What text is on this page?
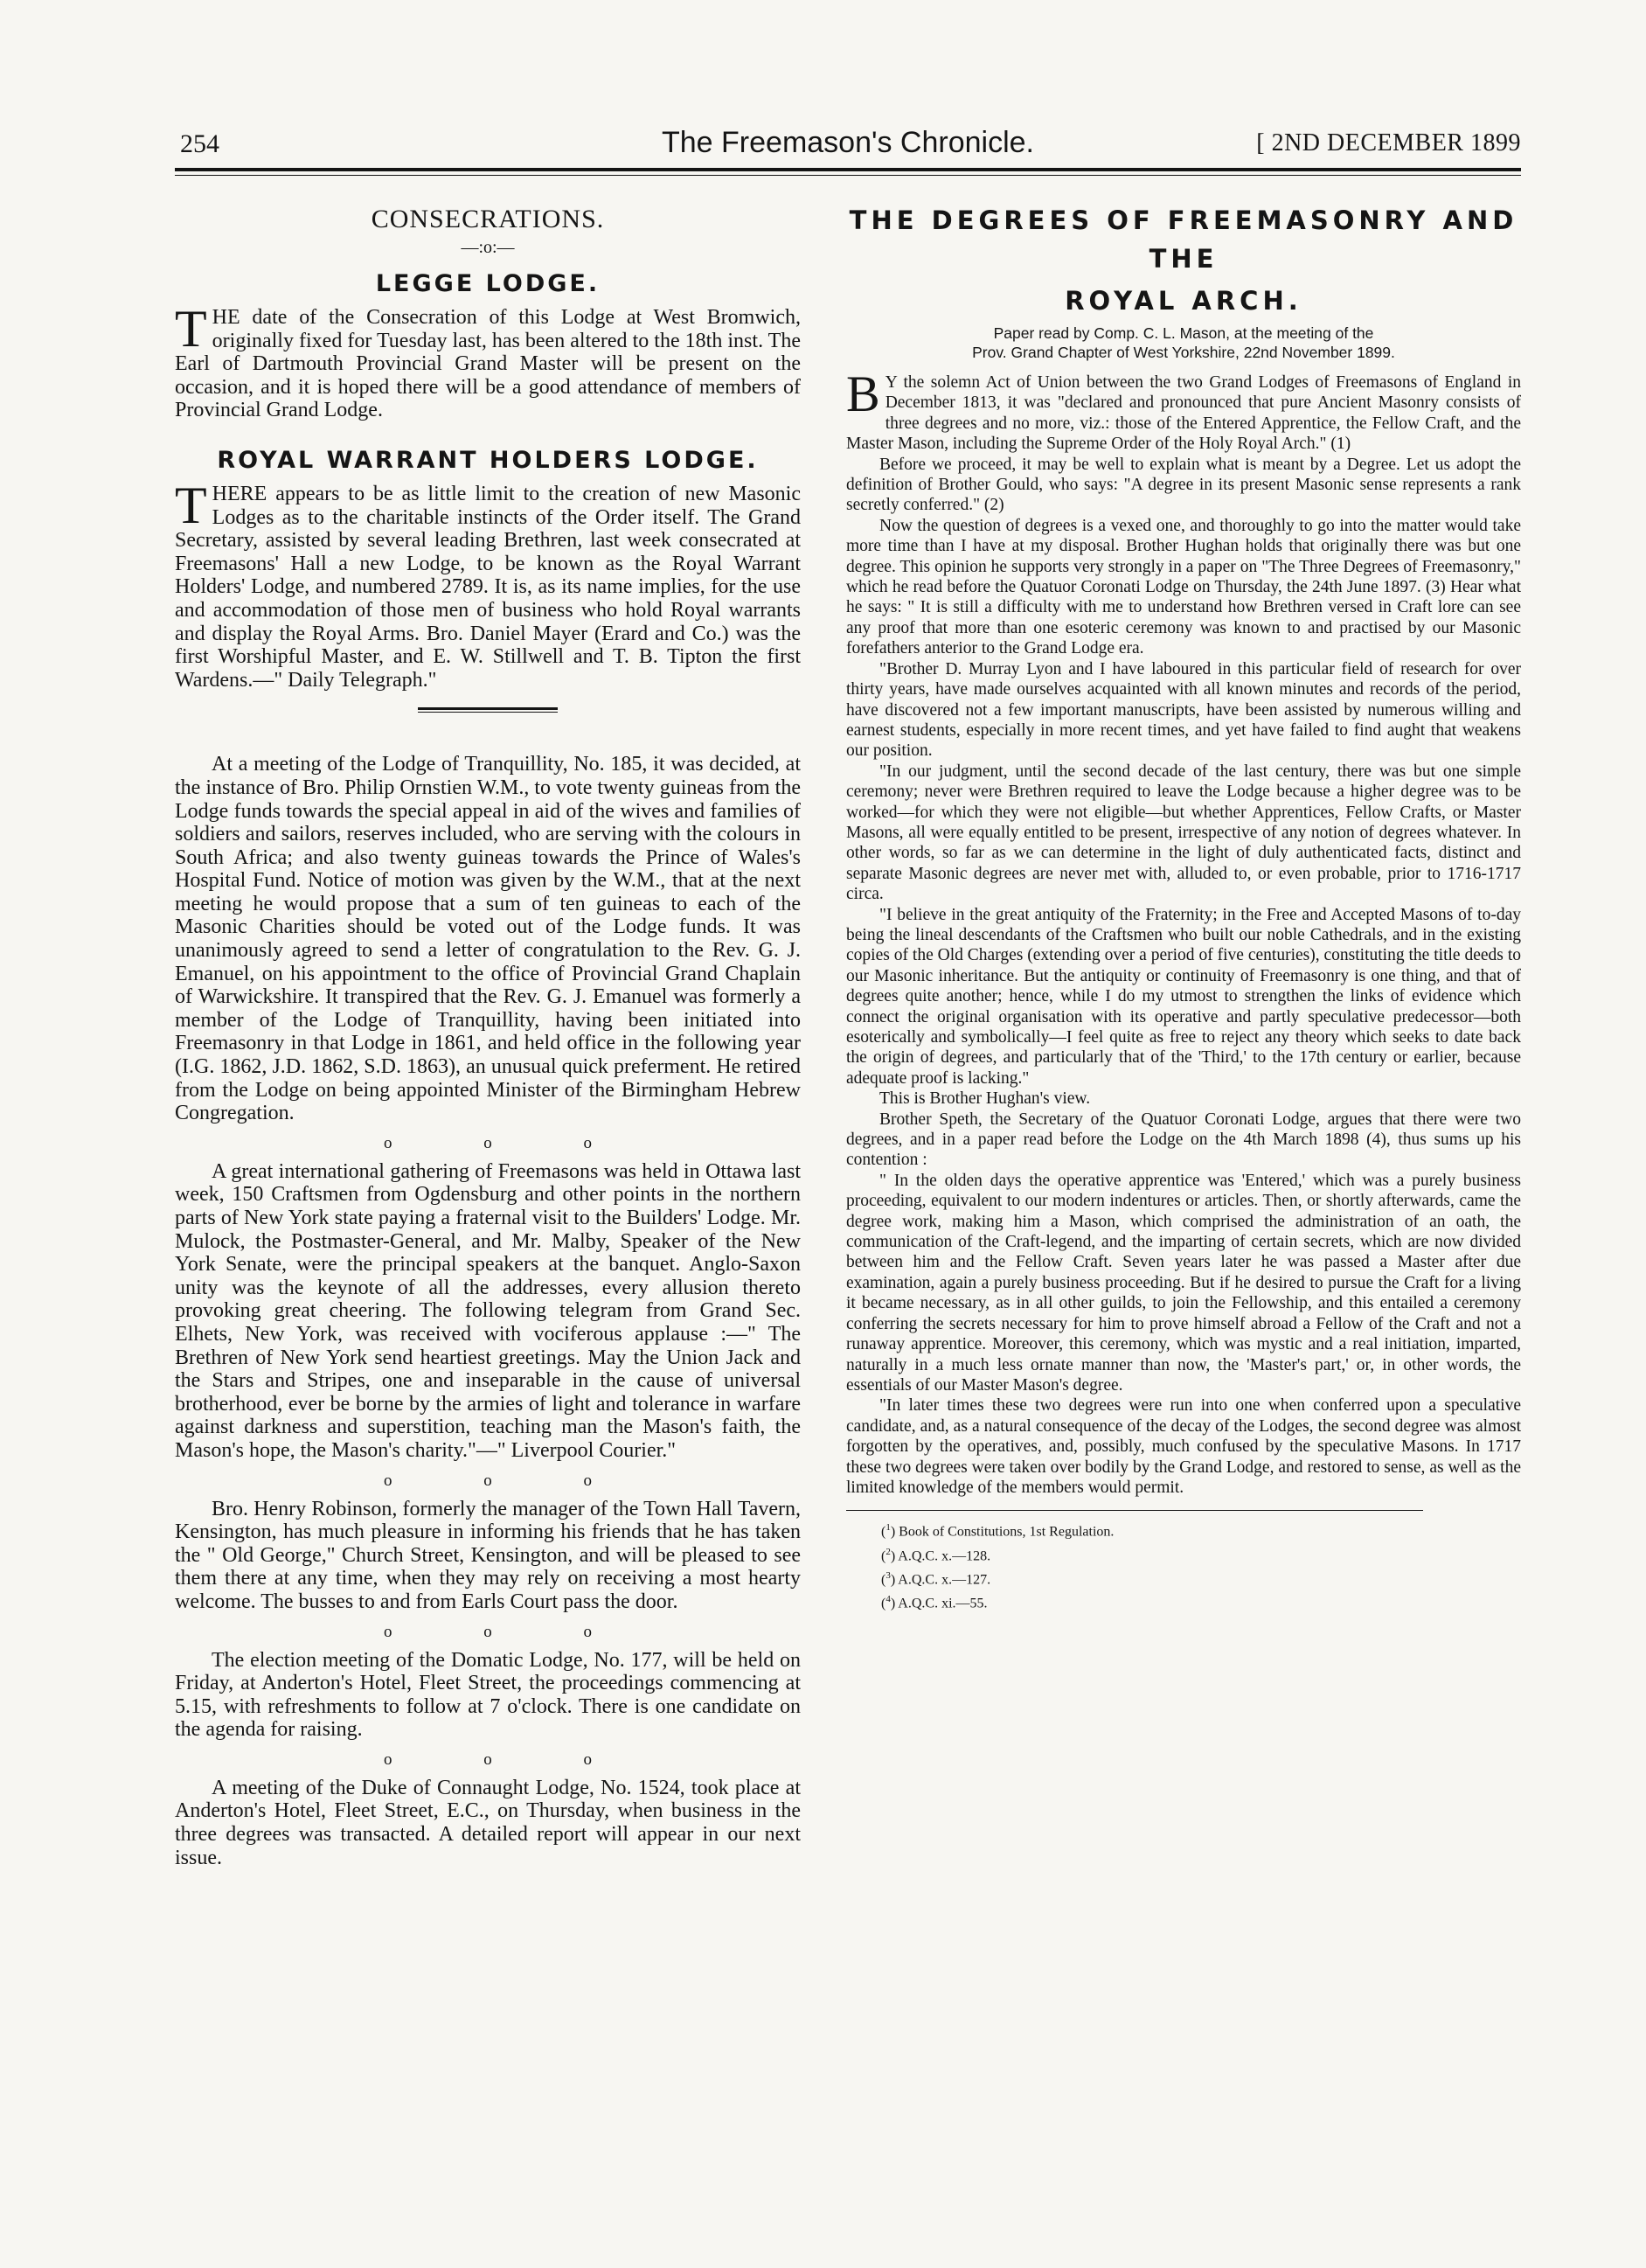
254	The Freemason's Chronicle.	[ 2ND DECEMBER 1899
CONSECRATIONS.
—:o:—
LEGGE LODGE.

THE date of the Consecration of this Lodge at West Bromwich, originally fixed for Tuesday last, has been altered to the 18th inst. The Earl of Dartmouth Provincial Grand Master will be present on the occasion, and it is hoped there will be a good attendance of members of Provincial Grand Lodge.

ROYAL WARRANT HOLDERS LODGE.

THERE appears to be as little limit to the creation of new Masonic Lodges as to the charitable instincts of the Order itself. The Grand Secretary, assisted by several leading Brethren, last week consecrated at Freemasons' Hall a new Lodge, to be known as the Royal Warrant Holders' Lodge, and numbered 2789. It is, as its name implies, for the use and accommodation of those men of business who hold Royal warrants and display the Royal Arms. Bro. Daniel Mayer (Erard and Co.) was the first Worshipful Master, and E. W. Stillwell and T. B. Tipton the first Wardens.—" Daily Telegraph."

At a meeting of the Lodge of Tranquillity, No. 185, it was decided, at the instance of Bro. Philip Ornstien W.M., to vote twenty guineas from the Lodge funds towards the special appeal in aid of the wives and families of soldiers and sailors, reserves included, who are serving with the colours in South Africa; and also twenty guineas towards the Prince of Wales's Hospital Fund. Notice of motion was given by the W.M., that at the next meeting he would propose that a sum of ten guineas to each of the Masonic Charities should be voted out of the Lodge funds. It was unanimously agreed to send a letter of congratulation to the Rev. G. J. Emanuel, on his appointment to the office of Provincial Grand Chaplain of Warwickshire. It transpired that the Rev. G. J. Emanuel was formerly a member of the Lodge of Tranquillity, having been initiated into Freemasonry in that Lodge in 1861, and held office in the following year (I.G. 1862, J.D. 1862, S.D. 1863), an unusual quick preferment. He retired from the Lodge on being appointed Minister of the Birmingham Hebrew Congregation.

o o o

A great international gathering of Freemasons was held in Ottawa last week, 150 Craftsmen from Ogdensburg and other points in the northern parts of New York state paying a fraternal visit to the Builders' Lodge. Mr. Mulock, the Postmaster-General, and Mr. Malby, Speaker of the New York Senate, were the principal speakers at the banquet. Anglo-Saxon unity was the keynote of all the addresses, every allusion thereto provoking great cheering. The following telegram from Grand Sec. Elhets, New York, was received with vociferous applause :—" The Brethren of New York send heartiest greetings. May the Union Jack and the Stars and Stripes, one and inseparable in the cause of universal brotherhood, ever be borne by the armies of light and tolerance in warfare against darkness and superstition, teaching man the Mason's faith, the Mason's hope, the Mason's charity."—" Liverpool Courier."

o o o

Bro. Henry Robinson, formerly the manager of the Town Hall Tavern, Kensington, has much pleasure in informing his friends that he has taken the " Old George," Church Street, Kensington, and will be pleased to see them there at any time, when they may rely on receiving a most hearty welcome. The busses to and from Earls Court pass the door.

o o o

The election meeting of the Domatic Lodge, No. 177, will be held on Friday, at Anderton's Hotel, Fleet Street, the proceedings commencing at 5.15, with refreshments to follow at 7 o'clock. There is one candidate on the agenda for raising.

o o o

A meeting of the Duke of Connaught Lodge, No. 1524, took place at Anderton's Hotel, Fleet Street, E.C., on Thursday, when business in the three degrees was transacted. A detailed report will appear in our next issue.

THE DEGREES OF FREEMASONRY AND THE
ROYAL ARCH.
Paper read by Comp. C. L. Mason, at the meeting of the
Prov. Grand Chapter of West Yorkshire, 22nd November 1899.

B Y the solemn Act of Union between the two Grand Lodges of Freemasons of England in December 1813, it was "declared and pronounced that pure Ancient Masonry consists of three degrees and no more, viz.: those of the Entered Apprentice, the Fellow Craft, and the Master Mason, including the Supreme Order of the Holy Royal Arch." (1)

Before we proceed, it may be well to explain what is meant by a Degree. Let us adopt the definition of Brother Gould, who says: "A degree in its present Masonic sense represents a rank secretly conferred." (2)

Now the question of degrees is a vexed one, and thoroughly to go into the matter would take more time than I have at my disposal. Brother Hughan holds that originally there was but one degree. This opinion he supports very strongly in a paper on "The Three Degrees of Freemasonry," which he read before the Quatuor Coronati Lodge on Thursday, the 24th June 1897. (3) Hear what he says: " It is still a difficulty with me to understand how Brethren versed in Craft lore can see any proof that more than one esoteric ceremony was known to and practised by our Masonic forefathers anterior to the Grand Lodge era.

"Brother D. Murray Lyon and I have laboured in this particular field of research for over thirty years, have made ourselves acquainted with all known minutes and records of the period, have discovered not a few important manuscripts, have been assisted by numerous willing and earnest students, especially in more recent times, and yet have failed to find aught that weakens our position.

"In our judgment, until the second decade of the last century, there was but one simple ceremony; never were Brethren required to leave the Lodge because a higher degree was to be worked—for which they were not eligible—but whether Apprentices, Fellow Crafts, or Master Masons, all were equally entitled to be present, irrespective of any notion of degrees whatever. In other words, so far as we can determine in the light of duly authenticated facts, distinct and separate Masonic degrees are never met with, alluded to, or even probable, prior to 1716-1717 circa.

"I believe in the great antiquity of the Fraternity; in the Free and Accepted Masons of to-day being the lineal descendants of the Craftsmen who built our noble Cathedrals, and in the existing copies of the Old Charges (extending over a period of five centuries), constituting the title deeds to our Masonic inheritance. But the antiquity or continuity of Freemasonry is one thing, and that of degrees quite another; hence, while I do my utmost to strengthen the links of evidence which connect the original organisation with its operative and partly speculative predecessor—both esoterically and symbolically—I feel quite as free to reject any theory which seeks to date back the origin of degrees, and particularly that of the 'Third,' to the 17th century or earlier, because adequate proof is lacking."

This is Brother Hughan's view.

Brother Speth, the Secretary of the Quatuor Coronati Lodge, argues that there were two degrees, and in a paper read before the Lodge on the 4th March 1898 (4), thus sums up his contention :

" In the olden days the operative apprentice was 'Entered,' which was a purely business proceeding, equivalent to our modern indentures or articles. Then, or shortly afterwards, came the degree work, making him a Mason, which comprised the administration of an oath, the communication of the Craft-legend, and the imparting of certain secrets, which are now divided between him and the Fellow Craft. Seven years later he was passed a Master after due examination, again a purely business proceeding. But if he desired to pursue the Craft for a living it became necessary, as in all other guilds, to join the Fellowship, and this entailed a ceremony conferring the secrets necessary for him to prove himself abroad a Fellow of the Craft and not a runaway apprentice. Moreover, this ceremony, which was mystic and a real initiation, imparted, naturally in a much less ornate manner than now, the 'Master's part,' or, in other words, the essentials of our Master Mason's degree.

"In later times these two degrees were run into one when conferred upon a speculative candidate, and, as a natural consequence of the decay of the Lodges, the second degree was almost forgotten by the operatives, and, possibly, much confused by the speculative Masons. In 1717 these two degrees were taken over bodily by the Grand Lodge, and restored to sense, as well as the limited knowledge of the members would permit.

($^1$) Book of Constitutions, 1st Regulation.
($^2$) A.Q.C. x.—128.
($^3$) A.Q.C. x.—127.
($^4$) A.Q.C. xi.—55.
